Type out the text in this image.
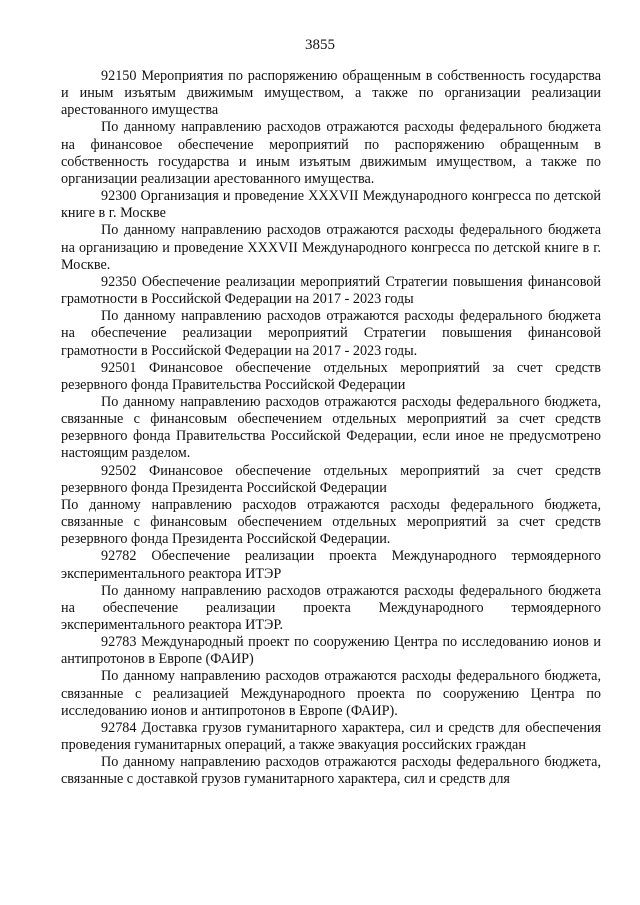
3855

92150 Мероприятия по распоряжению обращенным в собственность государства и иным изъятым движимым имуществом, а также по организации реализации арестованного имущества

По данному направлению расходов отражаются расходы федерального бюджета на финансовое обеспечение мероприятий по распоряжению обращенным в собственность государства и иным изъятым движимым имуществом, а также по организации реализации арестованного имущества.

92300 Организация и проведение XXXVII Международного конгресса по детской книге в г. Москве

По данному направлению расходов отражаются расходы федерального бюджета на организацию и проведение XXXVII Международного конгресса по детской книге в г. Москве.

92350 Обеспечение реализации мероприятий Стратегии повышения финансовой грамотности в Российской Федерации на 2017 - 2023 годы

По данному направлению расходов отражаются расходы федерального бюджета на обеспечение реализации мероприятий Стратегии повышения финансовой грамотности в Российской Федерации на 2017 - 2023 годы.

92501 Финансовое обеспечение отдельных мероприятий за счет средств резервного фонда Правительства Российской Федерации

По данному направлению расходов отражаются расходы федерального бюджета, связанные с финансовым обеспечением отдельных мероприятий за счет средств резервного фонда Правительства Российской Федерации, если иное не предусмотрено настоящим разделом.

92502 Финансовое обеспечение отдельных мероприятий за счет средств резервного фонда Президента Российской Федерации

По данному направлению расходов отражаются расходы федерального бюджета, связанные с финансовым обеспечением отдельных мероприятий за счет средств резервного фонда Президента Российской Федерации.

92782 Обеспечение реализации проекта Международного термоядерного экспериментального реактора ИТЭР

По данному направлению расходов отражаются расходы федерального бюджета на обеспечение реализации проекта Международного термоядерного экспериментального реактора ИТЭР.

92783 Международный проект по сооружению Центра по исследованию ионов и антипротонов в Европе (ФАИР)

По данному направлению расходов отражаются расходы федерального бюджета, связанные с реализацией Международного проекта по сооружению Центра по исследованию ионов и антипротонов в Европе (ФАИР).

92784 Доставка грузов гуманитарного характера, сил и средств для обеспечения проведения гуманитарных операций, а также эвакуация российских граждан

По данному направлению расходов отражаются расходы федерального бюджета, связанные с доставкой грузов гуманитарного характера, сил и средств для
